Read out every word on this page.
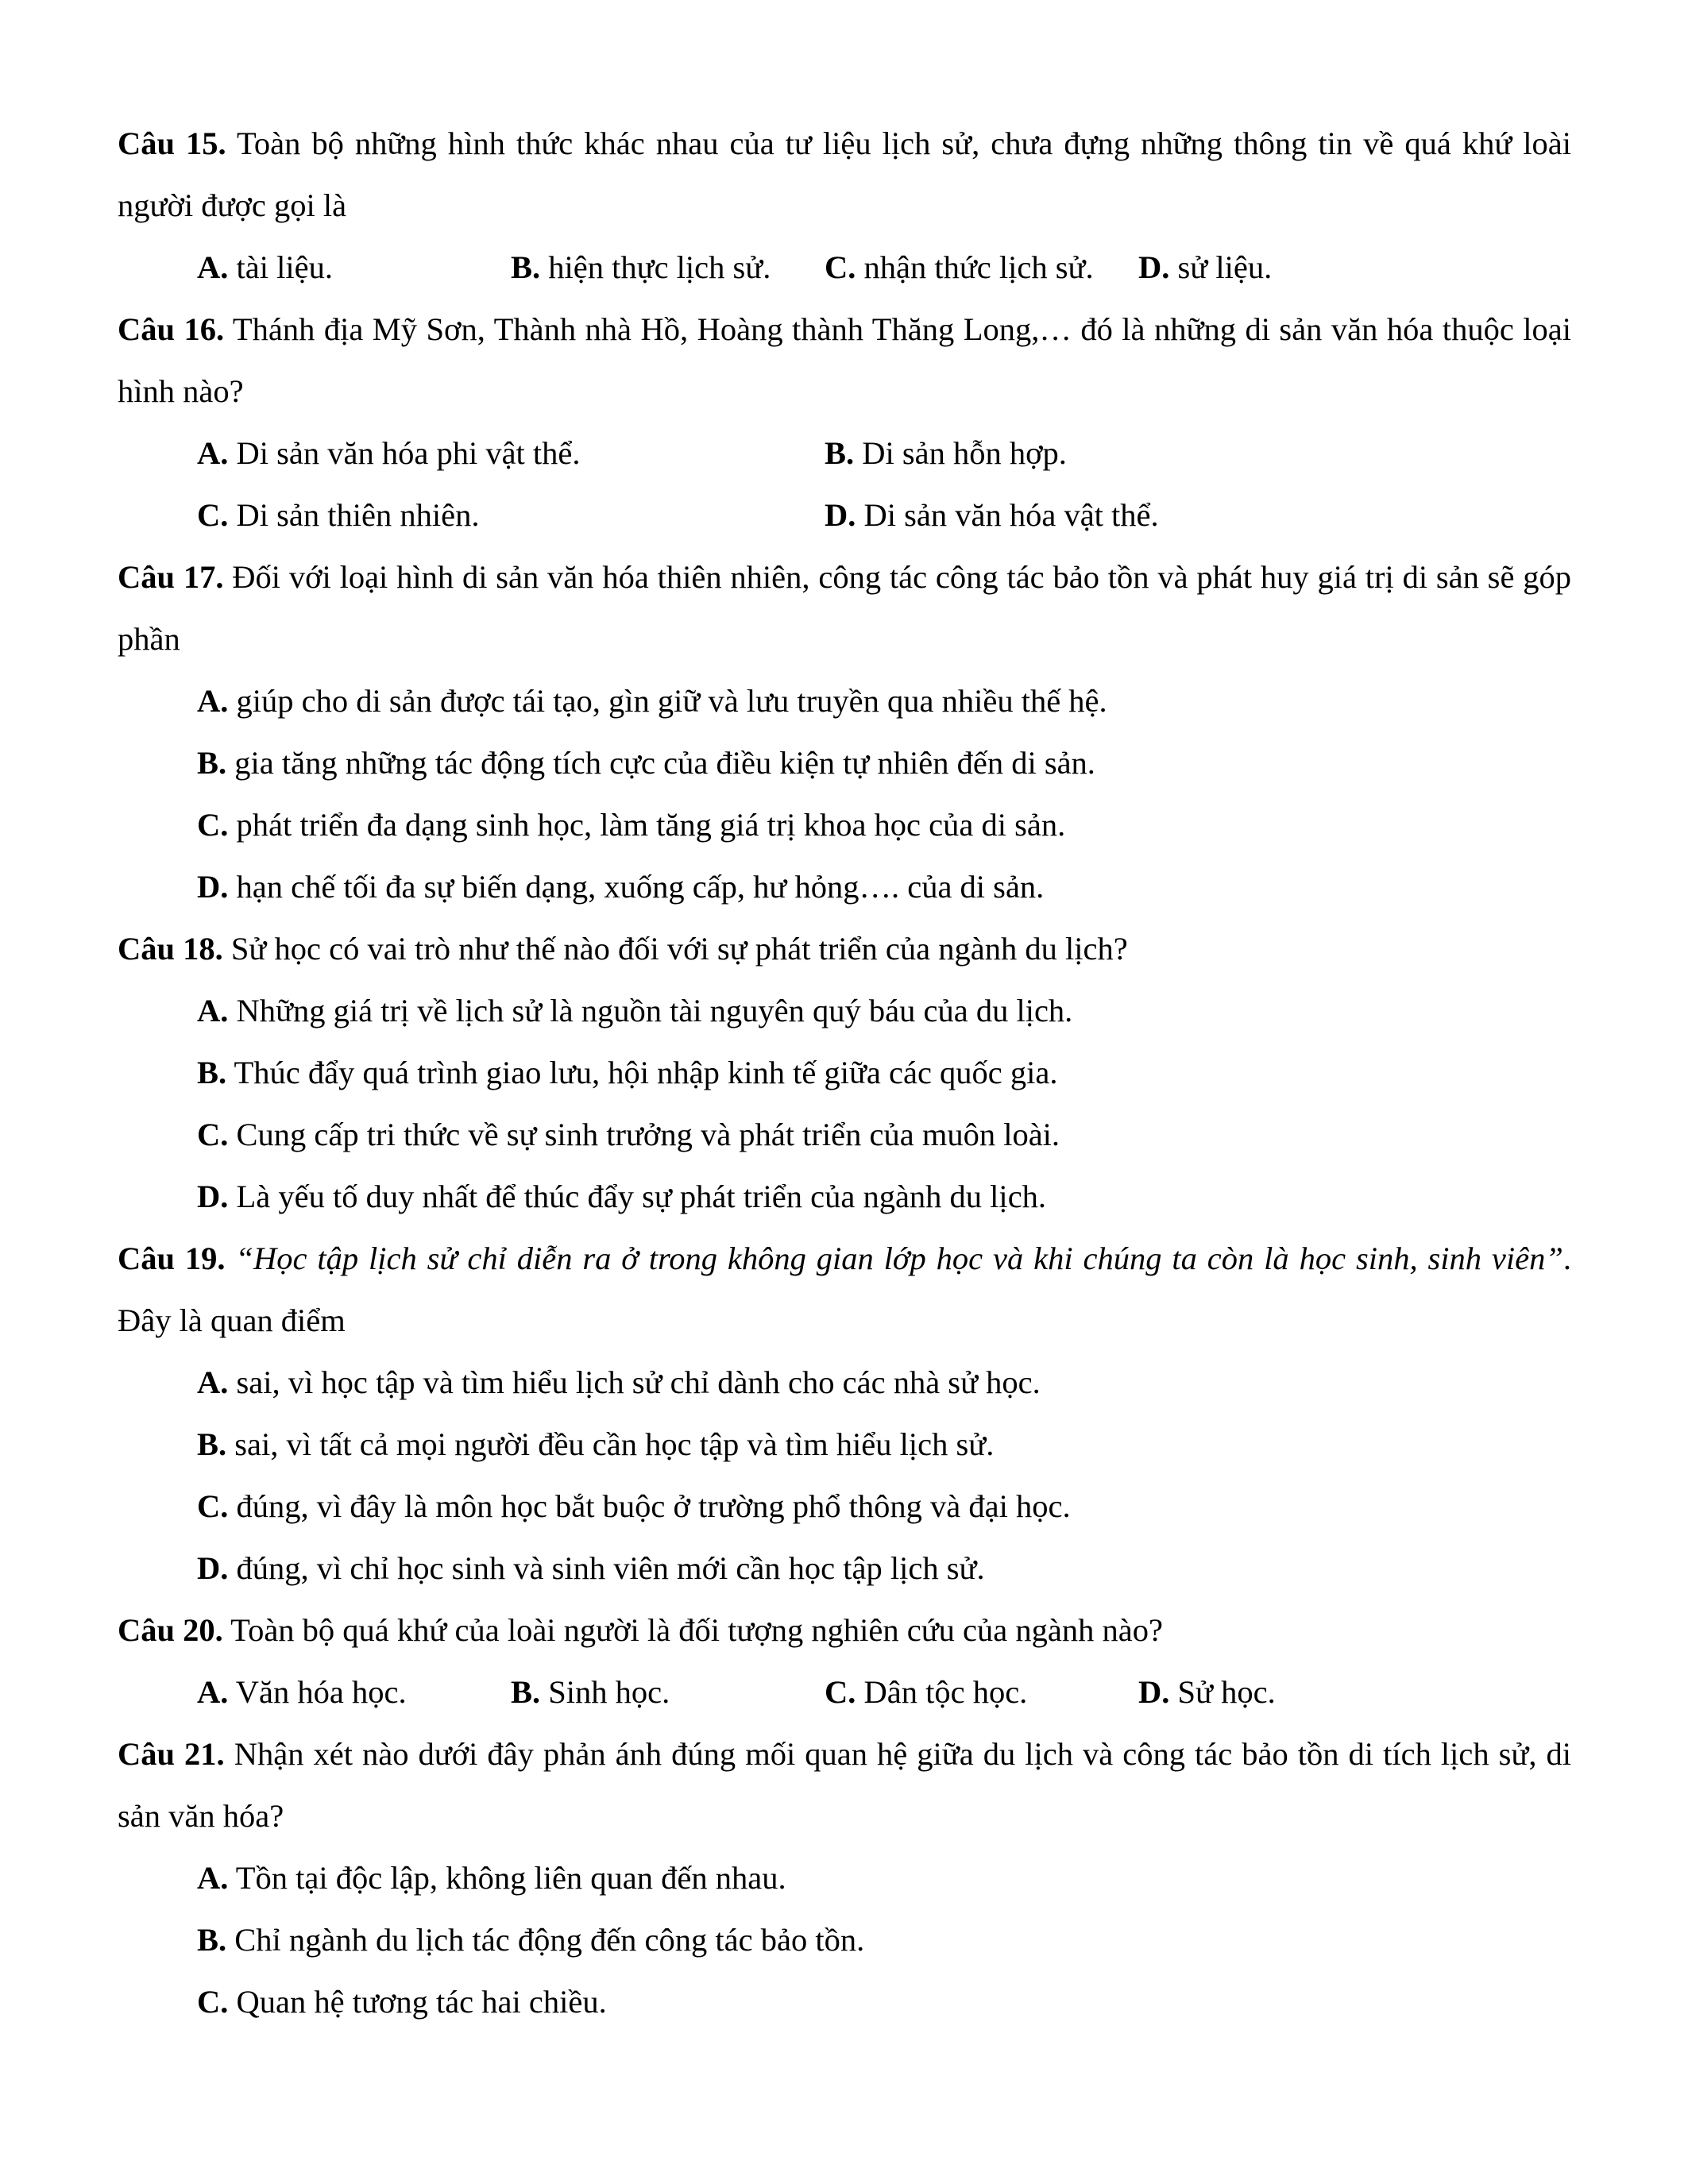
Câu 15. Toàn bộ những hình thức khác nhau của tư liệu lịch sử, chưa đựng những thông tin về quá khứ loài người được gọi là
A. tài liệu.	B. hiện thực lịch sử.	C. nhận thức lịch sử.	D. sử liệu.
Câu 16. Thánh địa Mỹ Sơn, Thành nhà Hồ, Hoàng thành Thăng Long,… đó là những di sản văn hóa thuộc loại hình nào?
A. Di sản văn hóa phi vật thể.	B. Di sản hỗn hợp.
C. Di sản thiên nhiên.	D. Di sản văn hóa vật thể.
Câu 17. Đối với loại hình di sản văn hóa thiên nhiên, công tác công tác bảo tồn và phát huy giá trị di sản sẽ góp phần
A. giúp cho di sản được tái tạo, gìn giữ và lưu truyền qua nhiều thế hệ.
B. gia tăng những tác động tích cực của điều kiện tự nhiên đến di sản.
C. phát triển đa dạng sinh học, làm tăng giá trị khoa học của di sản.
D. hạn chế tối đa sự biến dạng, xuống cấp, hư hỏng…. của di sản.
Câu 18. Sử học có vai trò như thế nào đối với sự phát triển của ngành du lịch?
A. Những giá trị về lịch sử là nguồn tài nguyên quý báu của du lịch.
B. Thúc đẩy quá trình giao lưu, hội nhập kinh tế giữa các quốc gia.
C. Cung cấp tri thức về sự sinh trưởng và phát triển của muôn loài.
D. Là yếu tố duy nhất để thúc đẩy sự phát triển của ngành du lịch.
Câu 19. “Học tập lịch sử chỉ diễn ra ở trong không gian lớp học và khi chúng ta còn là học sinh, sinh viên”. Đây là quan điểm
A. sai, vì học tập và tìm hiểu lịch sử chỉ dành cho các nhà sử học.
B. sai, vì tất cả mọi người đều cần học tập và tìm hiểu lịch sử.
C. đúng, vì đây là môn học bắt buộc ở trường phổ thông và đại học.
D. đúng, vì chỉ học sinh và sinh viên mới cần học tập lịch sử.
Câu 20. Toàn bộ quá khứ của loài người là đối tượng nghiên cứu của ngành nào?
A. Văn hóa học.	B. Sinh học.	C. Dân tộc học.	D. Sử học.
Câu 21. Nhận xét nào dưới đây phản ánh đúng mối quan hệ giữa du lịch và công tác bảo tồn di tích lịch sử, di sản văn hóa?
A. Tồn tại độc lập, không liên quan đến nhau.
B. Chỉ ngành du lịch tác động đến công tác bảo tồn.
C. Quan hệ tương tác hai chiều.
